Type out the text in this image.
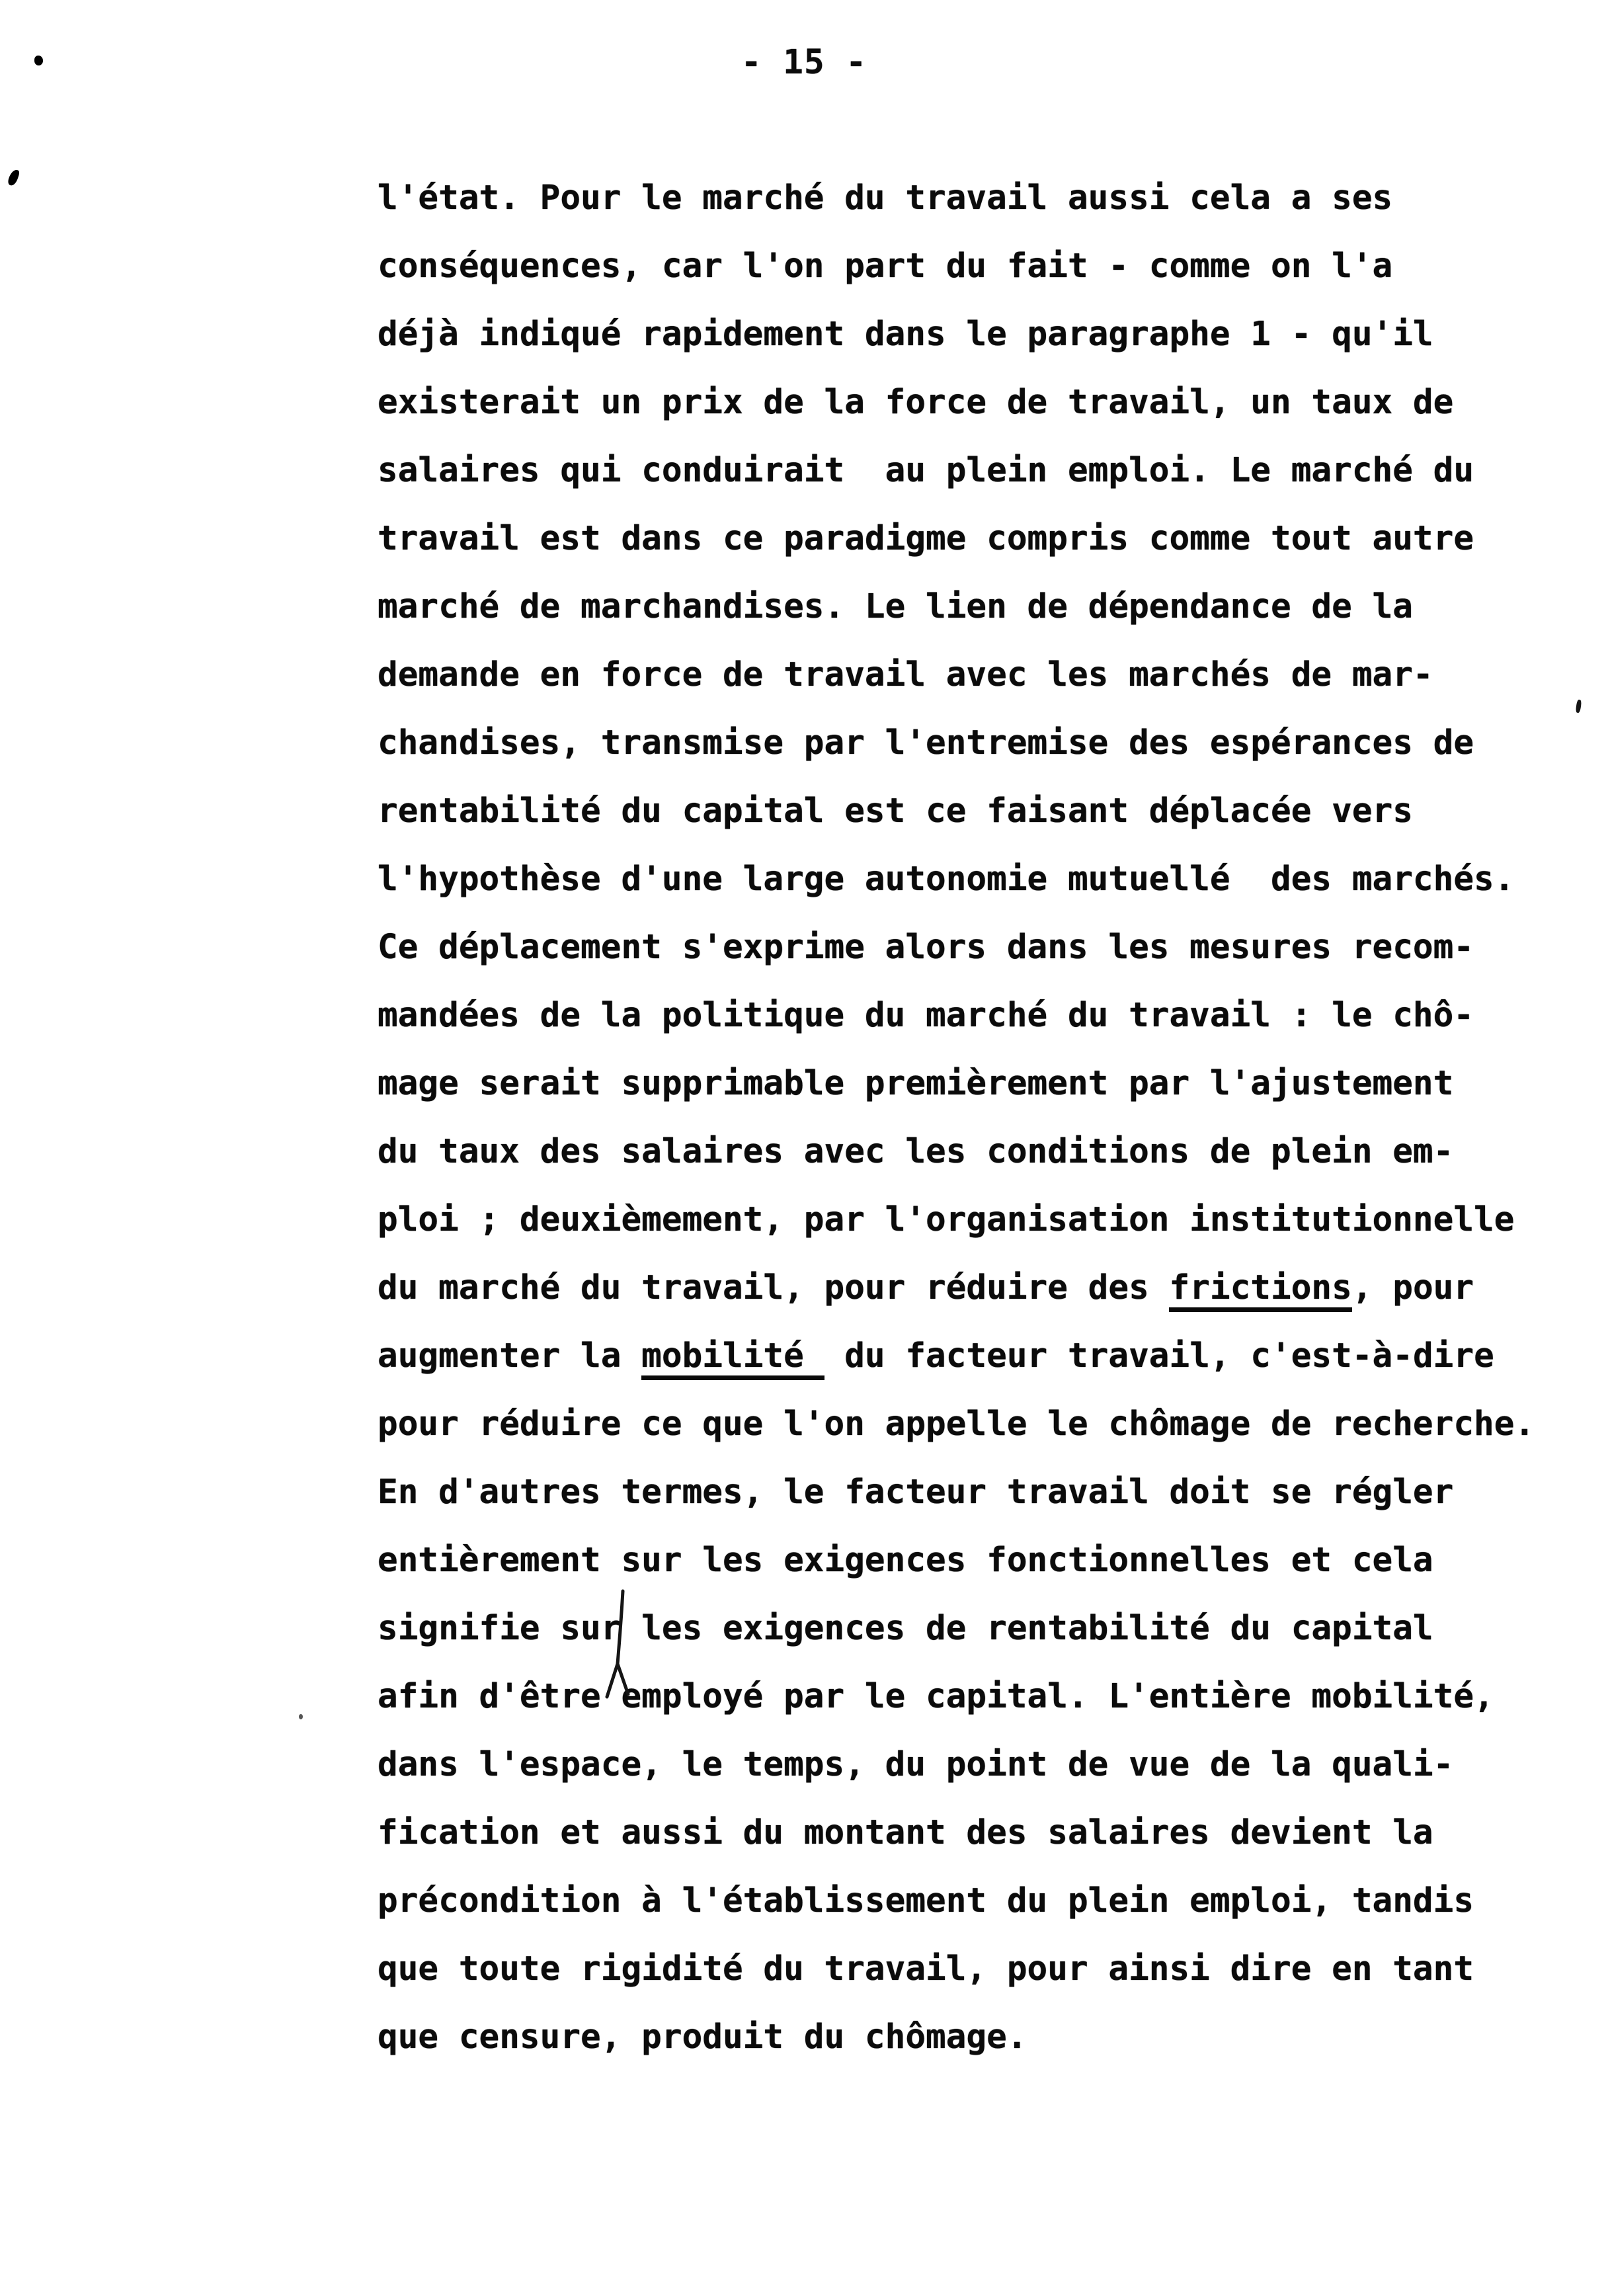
- 15 -
l'état. Pour le marché du travail aussi cela a ses
conséquences, car l'on part du fait - comme on l'a
déjà indiqué rapidement dans le paragraphe 1 - qu'il
existerait un prix de la force de travail, un taux de
salaires qui conduirait  au plein emploi. Le marché du
travail est dans ce paradigme compris comme tout autre
marché de marchandises. Le lien de dépendance de la
demande en force de travail avec les marchés de mar-
chandises, transmise par l'entremise des espérances de
rentabilité du capital est ce faisant déplacée vers
l'hypothèse d'une large autonomie mutuellé  des marchés.
Ce déplacement s'exprime alors dans les mesures recom-
mandées de la politique du marché du travail : le chô-
mage serait supprimable premièrement par l'ajustement
du taux des salaires avec les conditions de plein em-
ploi ; deuxièmement, par l'organisation institutionnelle
du marché du travail, pour réduire des frictions, pour
augmenter la mobilité  du facteur travail, c'est-à-dire
pour réduire ce que l'on appelle le chômage de recherche.
En d'autres termes, le facteur travail doit se régler
entièrement sur les exigences fonctionnelles et cela
signifie sur les exigences de rentabilité du capital
afin d'être employé par le capital. L'entière mobilité,
dans l'espace, le temps, du point de vue de la quali-
fication et aussi du montant des salaires devient la
précondition à l'établissement du plein emploi, tandis
que toute rigidité du travail, pour ainsi dire en tant
que censure, produit du chômage.
